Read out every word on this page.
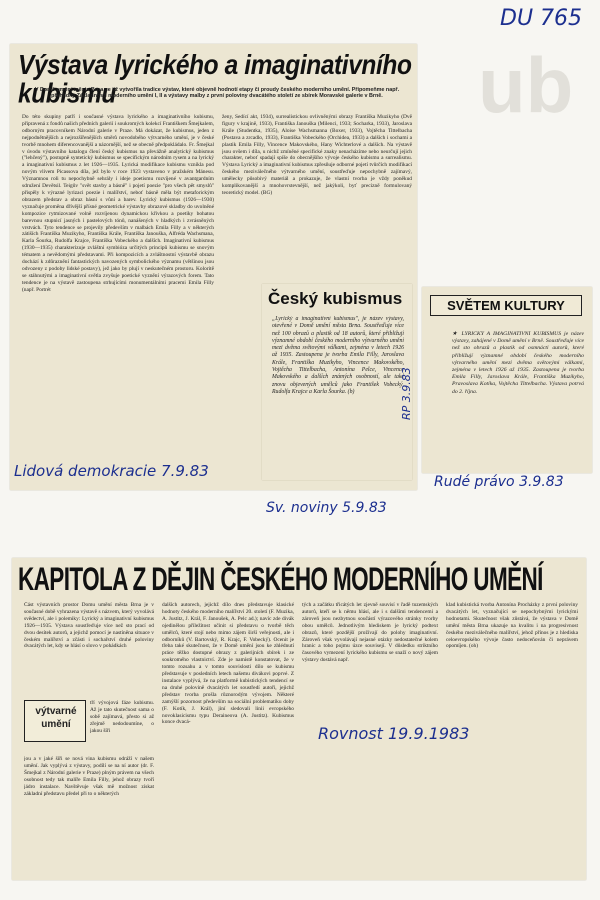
DU 765
ub
Výstava lyrického a imaginativního kubismu
V Domě umění města Brna se již vytvořila tradice výstav, které objevně hodnotí etapy či proudy českého moderního umění. Připomeňme např. přehlídky Základnosti moderního umění I, II a výstavy malby z první poloviny dvacátého století ze sbírek Moravské galerie v Brně.
Do této skupiny patří i současné výstava lyrického a imaginativního kubismu, připravená z fondů našich předních galerií i soukromých kolekcí Františkem Šmejkalem, odborným pracovníkem Národní galerie v Praze. Má dokázat, že kubismus, jeden z nejpodnětnějších a nejrozšířenějších směrů novodobého výtvarného umění, je v české tvorbě mnohem diferencovanější a názornější, než se obecně předpokládalo. Fr. Šmejkal v úvodu výstavního katalogu člení český kubismus na převážně analytický kubismus ("lehčený"), postupně syntetický kubismus se specifickým národním rysem a na lyrický a imaginativní kubismus z let 1926—1935. Lyrická modifikace kubismu vznikla pod novým vlivem Picassova díla, jež bylo v roce 1923 vystaveno v pražském Mánesu. Významnou roli tu nepochybně sehrály i ideje poetismu rozvíjené v avantgardním sdružení Devětsil. Teigův "svět stavby a básně" i pojetí poezie "pro všech pět smyslů" přispěly k výrazné lyrizaci poezie i malířství, neboť básně měla být metaforickým obrazem představ a obraz básní s vůní a barev. Lyrický kubismus (1926—1930) vyznačuje proměna dřívější přísné geometrické výstavby obrazové skladby do uvolněné kompozice rytmizované volně rozvíjenou dynamickou křivkou a poetiky bohatou barevnou stupnicí jasných i pastelových tónů, nanášených v hladkých i zvrásněných vrstvách. Tyto tendence se projevily především v malbách Emila Filly a v některých zátiších Františka Muzikyho, Františka Krále, Františka Janouška, Alfréda Wachsmana, Karla Šourka, Rudolfa Krajce, Františka Vobeckého a dalších. Imaginativní kubismus (1930—1935) charakterizuje zvláštní symbióza určitých principů kubismu se snovým tématem a nevědomými představami. Při kompozicích a zvláštnostní výstavbě obrazu dochází k zdůraznění fantastických navozených symbolického významu (většinou jsou odvozeny z podoby lidské postavy), jež jako by plují v neskutečném prostoru. Koloritě se stáhnutými a imaginativní světla zvyšuje poetické vyznění výrazových forem. Tato tendence je na výstavě zastoupena strhujícími monumentálními pracemi Emila Filly (např. Portrét
ženy, Sedící akt, 1934), surrealistickou ovlivněnými obrazy Františka Muzikyho (Dvě figury v krajině, 1933), Františka Janouška (Milenci, 1933; Socharka, 1933), Jaroslava Krále (Studentka, 1935), Aloise Wachsmanna (Boxer, 1933), Vojtěcha Tittelbacha (Postava a zrcadlo, 1933), Františka Vobeckého (Orchidea, 1933) a dalších i sochami a plastik Emila Filly, Vincence Makovského, Hany Wichterlové a dalších. Na výstavě jsou ovšem i díla, u nichž zmíněné specifické znaky nenacházíme nebo neurčují jejich charakter, neboť spadají spíše do obecnějšího vývoje českého kubismu a surrealismu. Výstava Lyrický a imaginativní kubismus zpřesňuje odborné pojetí tvůrčích modifikací českého meziválečného výtvarného umění, soustřeďuje nepochybně zajímavý, umělecky působivý materiál a prokazuje, že vlastní tvorba je vždy poněkud komplikovanější a mnohovrstevnější, než jakýkoli, byť precizně formulovaný teoretický model. (BG)
Lidová demokracie 7.9.83
Český kubismus
„Lyrický a imaginativní kubismus", je název výstavy, otevřené v Domě umění města Brna. Soustřeďuje více než 100 obrazů a plastik od 18 autorů, které přibližují významné období českého moderního výtvarného umění mezi dvěma světovými válkami, zejména v letech 1926 až 1935. Zastoupena je tvorba Emila Filly, Jaroslava Krále, Františka Muzikyho, Vincence Makovského, Vojtěcha Tittelbacha, Antonína Pelce, Vincence Makovského a dalších známých osobností, ale také znovu objevených umělců jako František Vobecký, Rudolfa Krajce a Karla Šourka. (b)
Sv. noviny 5.9.83
SVĚTEM KULTURY
★ LYRICKÝ A IMAGINATIVNÍ KUBISMUS je název výstavy, zahájené v Domě umění v Brně. Soustřeďuje více než sto obrazů a plastik od osmnácti autorů, které přibližují významné období českého moderního výtvarného umění mezi dvěma světovými válkami, zejména v letech 1926 až 1935. Zastoupena je tvorba Emila Filly, Jaroslava Krále, Františka Muzikyho, Pravoslava Kotíka, Vojtěcha Tittelbacha. Výstava potrvá do 2. října.
RP 3.9.83
Rudé právo 3.9.83
KAPITOLA Z DĚJIN ČESKÉHO MODERNÍHO UMĚNÍ
Část výstavních prostor Domu umění města Brna je v současné době vyhrazena výstavě s názvem, který vyvolává svědectví, ale i polemiky: Lyrický a imaginativní kubismus 1926—1935. Výstava soustřeďuje více než sto prací od dvou desítek autorů, a jejichž pomocí je nastíněna situace v českém malířství a zčásti i sochařství druhé poloviny dvacátých let, kdy se hlásí o slovo v pohádkách
výtvarné umění
tří vývojová fáze kubismu. Až je tato skutečnost sama o sobě zajímavá, přesto si až zřejmě nedodoumíne, o jakou šíři
jou a v jaké šíři se nová vina kubismu odráží v našem umění. Jak vyplývá z výstavy, podílí se na ní autor (dr. F. Šmejkal z Národní galerie v Praze) plným právem na všech osobnost tedy tak malíře Emila Filly, jehož obrazy tvoří jádro instalace. Navštěvuje však mě možnost získat základní představu předel při to o některých
dalších autorech, jejichž dílo dnes představuje klasické hodnoty českého moderního malířství 20. století (F. Muzika, A. Justitz, J. Král, F. Janoušek, A. Pelc ad.); navíc zde divák ojedinělou příležitost učinit si představu o tvorbě těch umělců, které stojí nebo mimo zájem širší veřejnosti, ale i odborníků (V. Bartovský, R. Krajc, F. Vobecký). Ocenit je třeba také skutečnost, že v Domě umění jsou ke zhlédnutí práce těžko dostupné obrazy z galerijních sbírek i ze soukromého vlastnictví. Zde je namístě konstatovat, že v tomto rozsahu a v tomto souvislosti dílo se kubismu představuje v posledních letech našemu divákovi poprvé. Z instalace vyplývá, že na platformě kubistických tendencí se na druhé polovině dvacátých let soustředí autoři, jejichž představ tvorba prošla různorodým vývojem. Některé zamýšlí pozornost především na sociální problematiku doby (F. Kotík, J. Král), jiní sledovali linii evropského novoklasicismu typu Deraineova (A. Justitz). Kubismus konce dvacá-
tých a začátku třicátých let zjevně souvisí v řadě tuzemských autorů, kteří se k němu hlásí, ale i s dalšími tendencemi a zároveň jsou nezbytnou součástí výrazového stránky tvorby obou umělců. Jednotlivým hlediskem je lyrický podtext obrazů, které pozdější prožívají do polohy imaginativní. Zároveň však vyvolávají nejasné otázky nedostatečné kolem hranic a toho pojmu úzce souvisejí. V důsledku striktního časového vymezení lyrického kubismu se snaží o nový zájem výstavy dostává např.
klad kubistická tvorba Antonína Procházky z první poloviny dvacátých let, vyznačující se nepochybnými lyrickými hodnotami. Skutečnost však zůstává, že výstava v Domě umění města Brna ukazuje na kvalitu i na progresivnost českého meziválečného malířství, jehož přínos je z hlediska celoevropského vývoje často nedoceňován či neprávem opomíjen. (oh)
Rovnost 19.9.1983
